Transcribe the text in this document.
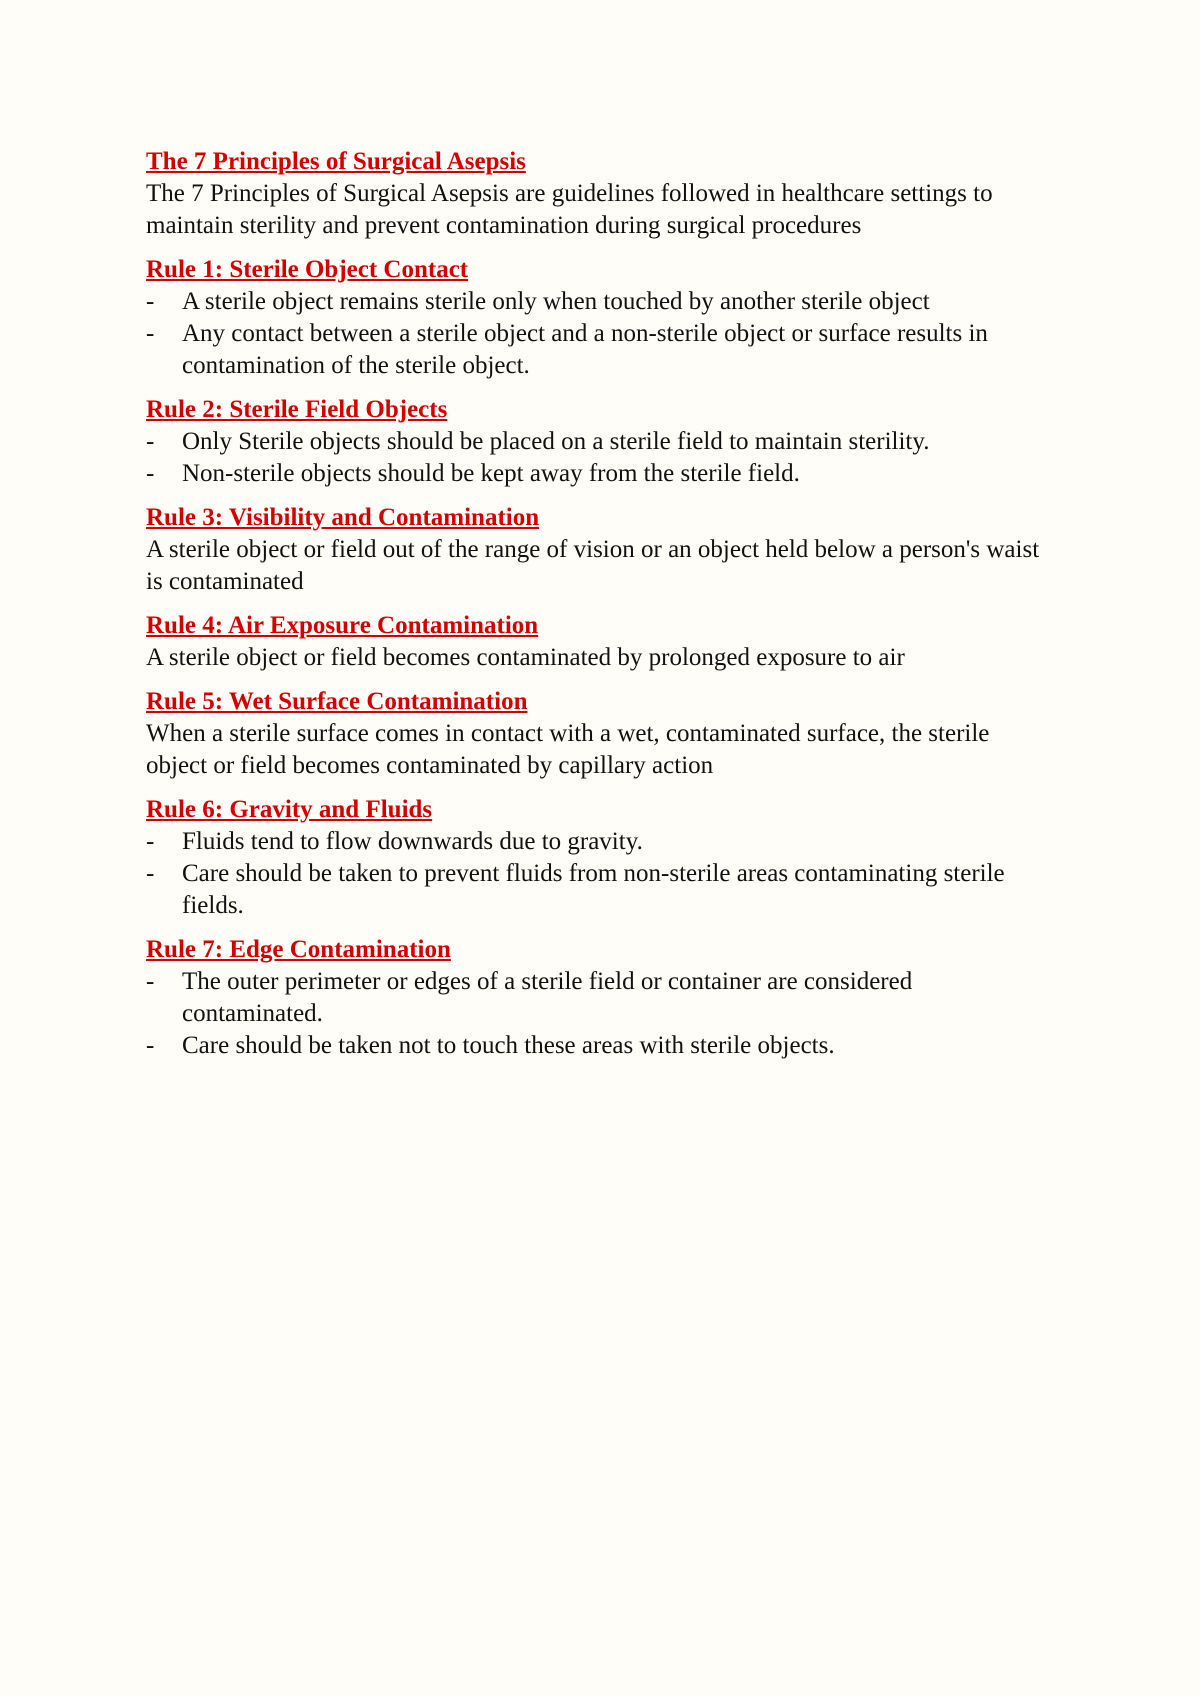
The 7 Principles of Surgical Asepsis
The 7 Principles of Surgical Asepsis are guidelines followed in healthcare settings to maintain sterility and prevent contamination during surgical procedures
Rule 1: Sterile Object Contact
- A sterile object remains sterile only when touched by another sterile object
- Any contact between a sterile object and a non-sterile object or surface results in contamination of the sterile object.
Rule 2: Sterile Field Objects
- Only Sterile objects should be placed on a sterile field to maintain sterility.
- Non-sterile objects should be kept away from the sterile field.
Rule 3: Visibility and Contamination
A sterile object or field out of the range of vision or an object held below a person's waist is contaminated
Rule 4: Air Exposure Contamination
A sterile object or field becomes contaminated by prolonged exposure to air
Rule 5: Wet Surface Contamination
When a sterile surface comes in contact with a wet, contaminated surface, the sterile object or field becomes contaminated by capillary action
Rule 6: Gravity and Fluids
- Fluids tend to flow downwards due to gravity.
- Care should be taken to prevent fluids from non-sterile areas contaminating sterile fields.
Rule 7: Edge Contamination
- The outer perimeter or edges of a sterile field or container are considered contaminated.
- Care should be taken not to touch these areas with sterile objects.
